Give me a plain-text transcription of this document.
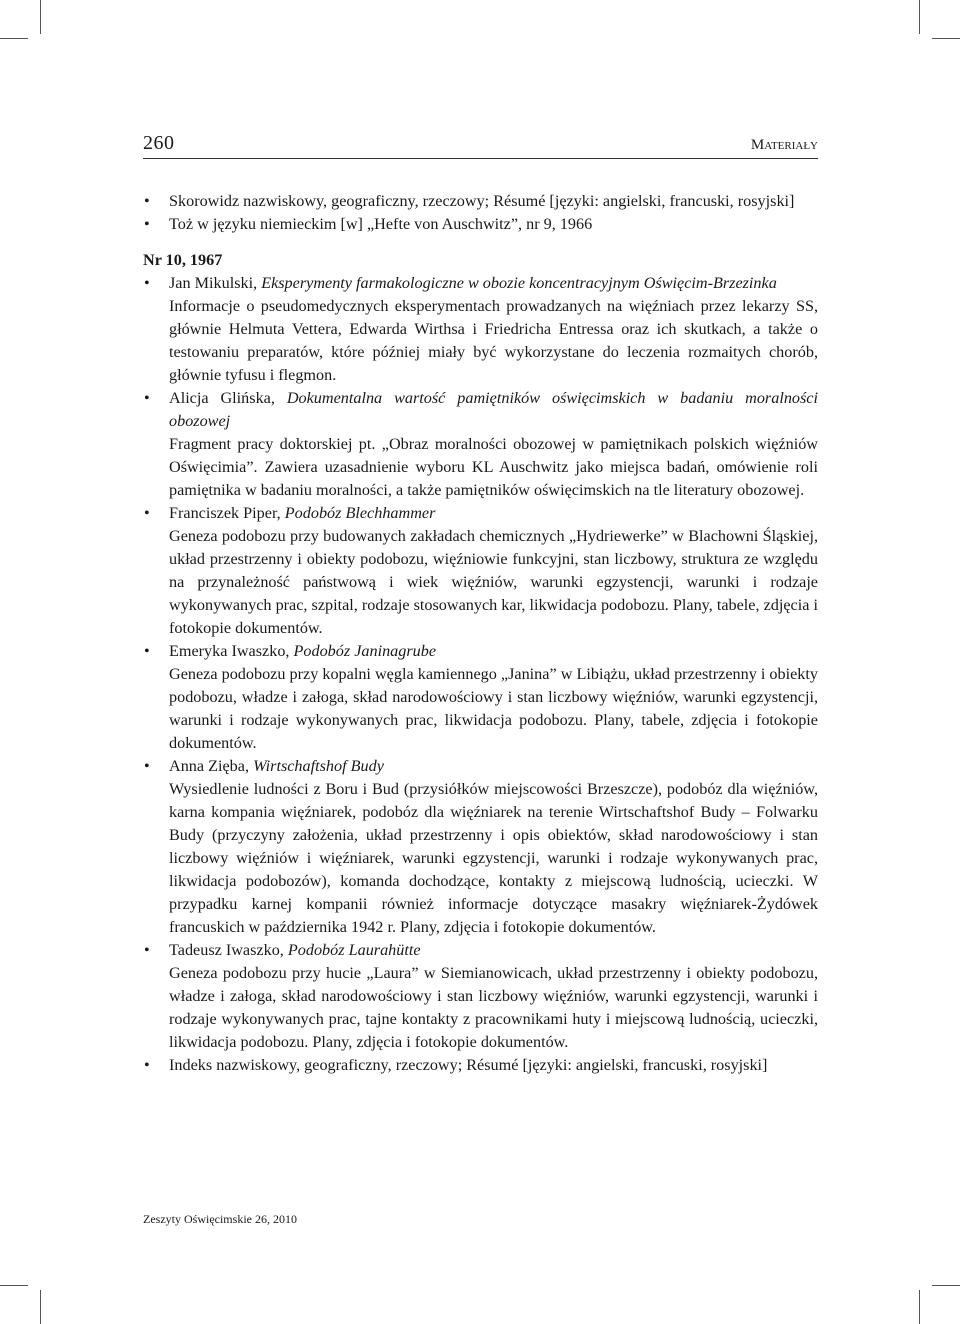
260	Materiały
• Skorowidz nazwiskowy, geograficzny, rzeczowy; Résumé [języki: angielski, francuski, rosyjski]
• Toż w języku niemieckim [w] „Hefte von Auschwitz”, nr 9, 1966
Nr 10, 1967
• Jan Mikulski, Eksperymenty farmakologiczne w obozie koncentracyjnym Oświęcim-Brzezinka
Informacje o pseudomedycznych eksperymentach prowadzanych na więźniach przez lekarzy SS, głównie Helmuta Vettera, Edwarda Wirthsa i Friedricha Entressa oraz ich skutkach, a także o testowaniu preparatów, które później miały być wykorzystane do leczenia rozmaitych chorób, głównie tyfusu i flegmon.
• Alicja Glińska, Dokumentalna wartość pamiętników oświęcimskich w badaniu moralności obozowej
Fragment pracy doktorskiej pt. „Obraz moralności obozowej w pamiętnikach polskich więźniów Oświęcimia”. Zawiera uzasadnienie wyboru KL Auschwitz jako miejsca badań, omówienie roli pamiętnika w badaniu moralności, a także pamiętników oświęcimskich na tle literatury obozowej.
• Franciszek Piper, Podobóz Blechhammer
Geneza podobozu przy budowanych zakładach chemicznych „Hydriewerke” w Blachowni Śląskiej, układ przestrzenny i obiekty podobozu, więźniowie funkcyjni, stan liczbowy, struktura ze względu na przynależność państwową i wiek więźniów, warunki egzystencji, warunki i rodzaje wykonywanych prac, szpital, rodzaje stosowanych kar, likwidacja podobozu. Plany, tabele, zdjęcia i fotokopie dokumentów.
• Emeryka Iwaszko, Podobóz Janinagrube
Geneza podobozu przy kopalni węgla kamiennego „Janina” w Libiążu, układ przestrzenny i obiekty podobozu, władze i załoga, skład narodowościowy i stan liczbowy więźniów, warunki egzystencji, warunki i rodzaje wykonywanych prac, likwidacja podobozu. Plany, tabele, zdjęcia i fotokopie dokumentów.
• Anna Zięba, Wirtschaftshof Budy
Wysiedlenie ludności z Boru i Bud (przysiółków miejscowości Brzeszcze), podobóz dla więźniów, karna kompania więźniarek, podobóz dla więźniarek na terenie Wirtschaftshof Budy – Folwarku Budy (przyczyny założenia, układ przestrzenny i opis obiektów, skład narodowościowy i stan liczbowy więźniów i więźniarek, warunki egzystencji, warunki i rodzaje wykonywanych prac, likwidacja podobozów), komanda dochodzące, kontakty z miejscową ludnością, ucieczki. W przypadku karnej kompanii również informacje dotyczące masakry więźniarek-Żydówek francuskich w października 1942 r. Plany, zdjęcia i fotokopie dokumentów.
• Tadeusz Iwaszko, Podobóz Laurahütte
Geneza podobozu przy hucie „Laura” w Siemianowicach, układ przestrzenny i obiekty podobozu, władze i załoga, skład narodowościowy i stan liczbowy więźniów, warunki egzystencji, warunki i rodzaje wykonywanych prac, tajne kontakty z pracownikami huty i miejscową ludnością, ucieczki, likwidacja podobozu. Plany, zdjęcia i fotokopie dokumentów.
• Indeks nazwiskowy, geograficzny, rzeczowy; Résumé [języki: angielski, francuski, rosyjski]
Zeszyty Oświęcimskie 26, 2010
